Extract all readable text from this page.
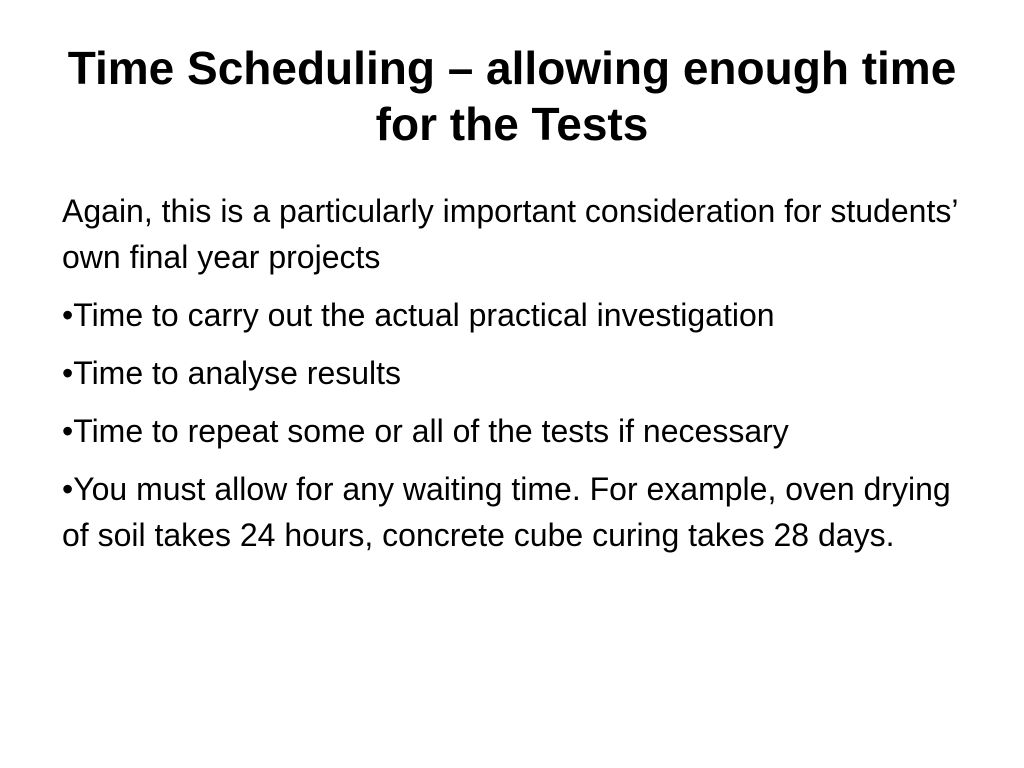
Time Scheduling – allowing enough time for the Tests

Again, this is a particularly important consideration for students’ own final year projects

•Time to carry out the actual practical investigation

•Time to analyse results

•Time to repeat some or all of the tests if necessary

•You must allow for any waiting time. For example, oven drying of soil takes 24 hours, concrete cube curing takes 28 days.
